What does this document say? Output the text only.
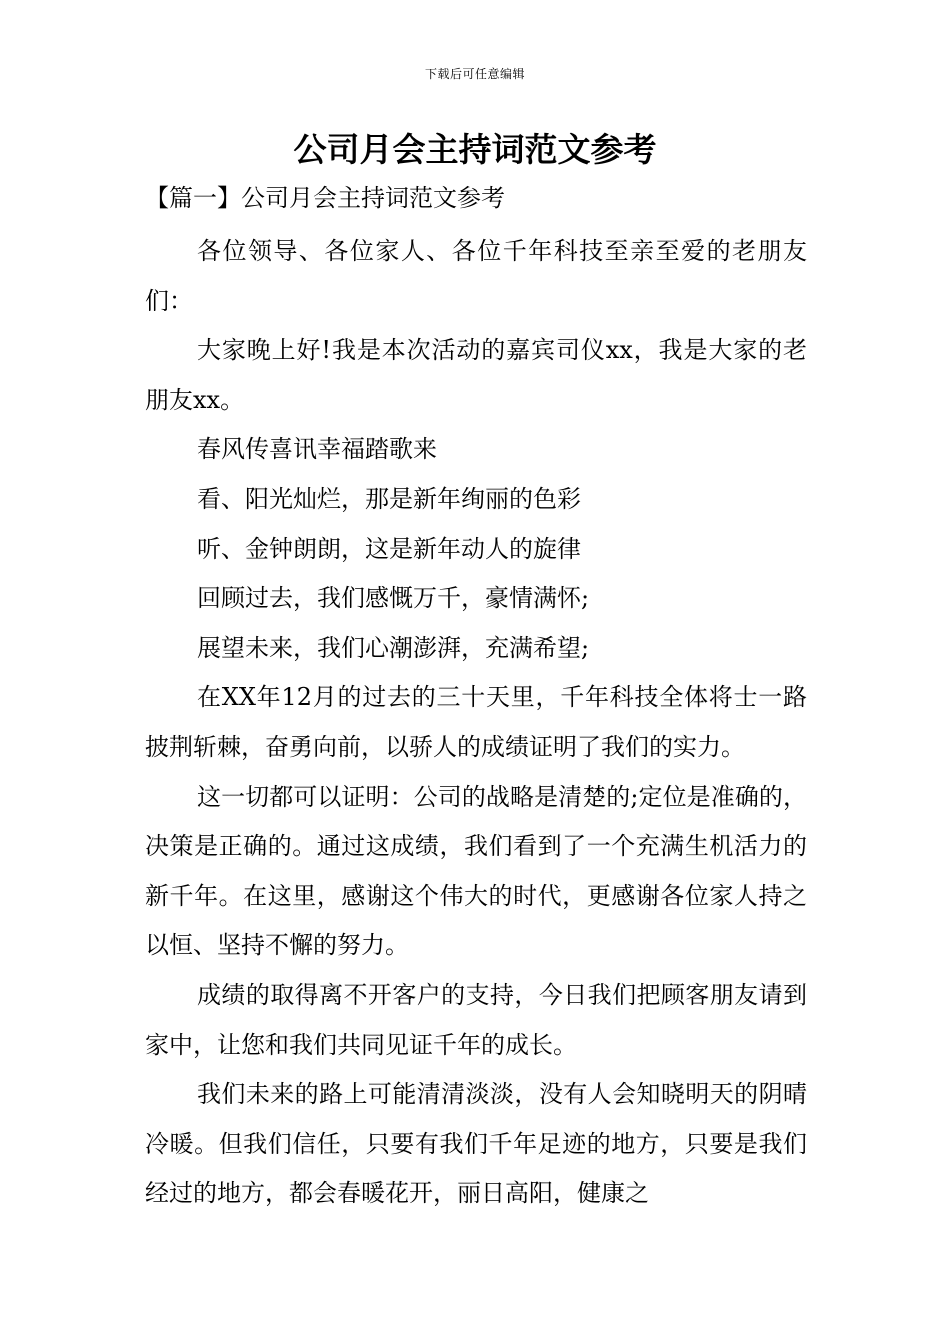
下载后可任意编辑
公司月会主持词范文参考
【篇一】公司月会主持词范文参考

各位领导、各位家人、各位千年科技至亲至爱的老朋友们：

大家晚上好!我是本次活动的嘉宾司仪xx，我是大家的老朋友xx。

春风传喜讯幸福踏歌来

看、阳光灿烂，那是新年绚丽的色彩

听、金钟朗朗，这是新年动人的旋律

回顾过去，我们感慨万千，豪情满怀;

展望未来，我们心潮澎湃，充满希望;

在XX年12月的过去的三十天里，千年科技全体将士一路披荆斩棘，奋勇向前，以骄人的成绩证明了我们的实力。

这一切都可以证明：公司的战略是清楚的;定位是准确的，决策是正确的。通过这成绩，我们看到了一个充满生机活力的新千年。在这里，感谢这个伟大的时代，更感谢各位家人持之以恒、坚持不懈的努力。

成绩的取得离不开客户的支持，今日我们把顾客朋友请到家中，让您和我们共同见证千年的成长。

我们未来的路上可能清清淡淡，没有人会知晓明天的阴晴冷暖。但我们信任，只要有我们千年足迹的地方，只要是我们经过的地方，都会春暖花开，丽日高阳，健康之
